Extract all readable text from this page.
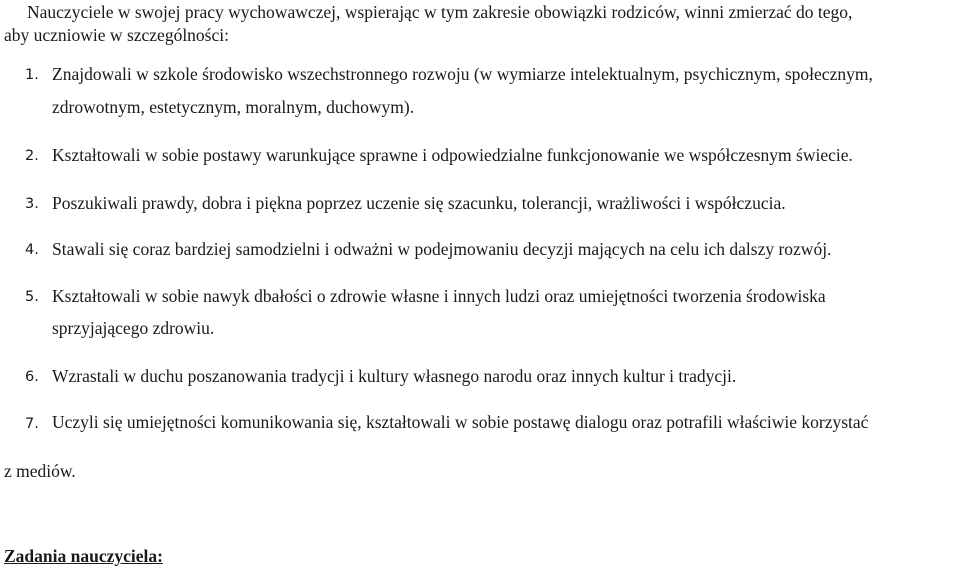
Nauczyciele w swojej pracy wychowawczej, wspierając w tym zakresie obowiązki rodziców, winni zmierzać do tego,
aby uczniowie w szczególności:
1. Znajdowali w szkole środowisko wszechstronnego rozwoju (w wymiarze intelektualnym, psychicznym, społecznym,
zdrowotnym, estetycznym, moralnym, duchowym).
2. Kształtowali w sobie postawy warunkujące sprawne i odpowiedzialne funkcjonowanie we współczesnym świecie.
3. Poszukiwali prawdy, dobra i piękna poprzez uczenie się szacunku, tolerancji, wrażliwości i współczucia.
4. Stawali się coraz bardziej samodzielni i odważni w podejmowaniu decyzji mających na celu ich dalszy rozwój.
5. Kształtowali w sobie nawyk dbałości o zdrowie własne i innych ludzi oraz umiejętności tworzenia środowiska
sprzyjającego zdrowiu.
6. Wzrastali w duchu poszanowania tradycji i kultury własnego narodu oraz innych kultur i tradycji.
7. Uczyli się umiejętności komunikowania się, kształtowali w sobie postawę dialogu oraz potrafili właściwie korzystać
z mediów.
Zadania nauczyciela:
